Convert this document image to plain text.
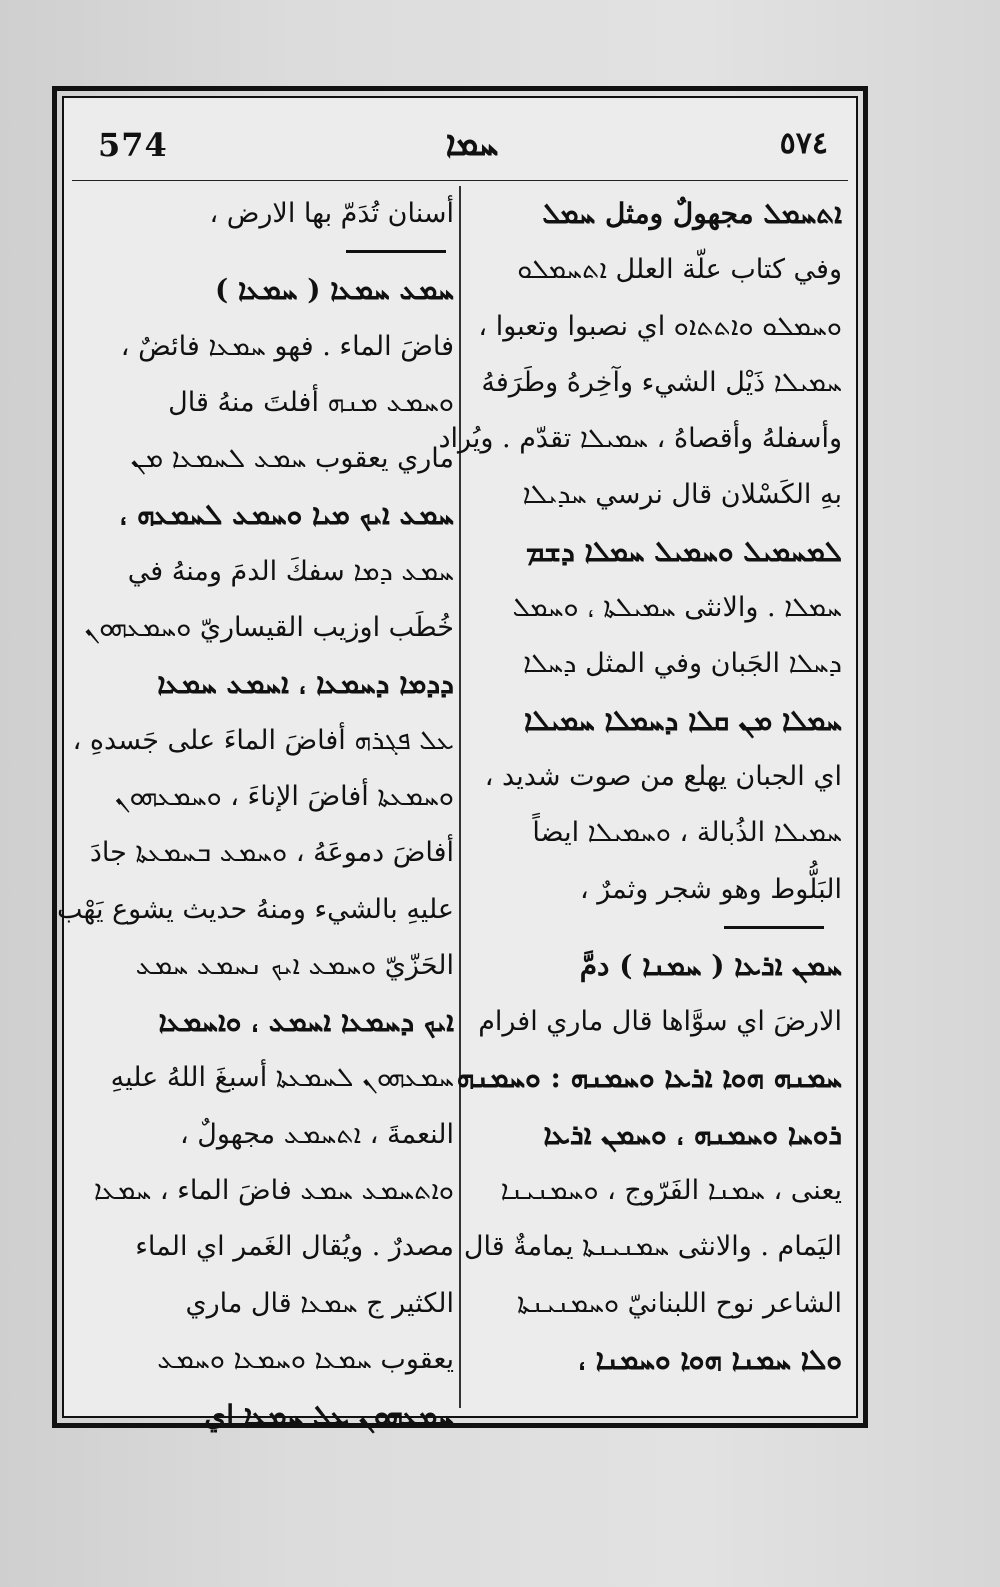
574	ܚܡܐ	٥٧٤
ܐܬܚܡܠ مجهولٌ ومثل ܚܡܠ
وفي كتاب علّة العلل ܐܬܚܡܠܘ
ܘܚܡܠܘ ܘܐܬܬܐܘ اي نصبوا وتعبوا ،
ܚܡܝܠܐ ذَيْل الشيء وآخِرهُ وطَرَفهُ
وأسفلهُ وأقصاهُ ، ܚܡܝܠܐ تقدّم . ويُراد
بهِ الكَسْلان قال نرسي ܚܕܝܠܐ
ܠܡܚܡܝܠ ܘܚܡܝܠ ܚܡܠܐ ܕܫܡ
ܚܡܠܐ . والانثى ܚܡܝܠܬܐ ، ܘܚܡܠ
ܕܚܠܐ الجَبان وفي المثل ܕܚܠܐ
ܚܡܠܐ ܡܢ ܩܠܐ ܕܚܡܠܐ ܚܡܝܠܐ
اي الجبان يهلع من صوت شديد ،
ܚܡܝܠܐ الذُبالة ، ܘܚܡܝܠܐ ايضاً
البَلُّوط وهو شجر وثمرٌ ،
ܚܡܢ ܐܪܥܐ ( ܚܡܢܐ ) دمَّ
الارضَ اي سوَّاها قال ماري افرام
ܚܡܢܗ ܗܘܐ ܐܪܥܐ ܘܚܡܢܗ : ܘܚܡܢܗ
ܪܘܚܐ ܘܚܡܢܗ ، ܘܚܡܢ ܐܪܥܐ
يعنى ، ܚܡܢܐ الفَرّوج ، ܘܚܡܢܝܢܐ
اليَمام . والانثى ܚܡܢܝܢܬܐ يمامةٌ قال
الشاعر نوح اللبنانيّ ܘܚܡܢܝܢܬܐ
ܘܠܐ ܚܡܢܐ ܗܘܐ ܘܚܡܢܐ ،
أسنان تُدَمّ بها الارض ،
ܚܡܥ ܚܡܥܐ ( ܚܡܥܐ )
فاضَ الماء . فهو ܚܡܥܐ فائضٌ ،
ܘܚܡܥ ܡܢܗ أفلتَ منهُ قال
ماري يعقوب ܚܡܥ ܠܚܡܥܐ ܡܢ
ܚܡܥ ܐܝܟ ܡܝܐ ܘܚܡܥ ܠܚܡܥܗ ،
ܚܡܥ ܕܡܐ سفكَ الدمَ ومنهُ في
خُطَب اوزيب القيساريّ ܘܚܡܥܗܘܢ
ܕܕܡܐ ܕܚܡܥܐ ، ܐܚܡܥ ܚܡܥܐ
ܥܠ ܦܓܪܗ أفاضَ الماءَ على جَسدهِ ،
ܘܚܡܥܬܐ أفاضَ الإناءَ ، ܘܚܡܥܗܘܢ
أفاضَ دموعَهُ ، ܘܚܡܥ ܒܚܡܥܬܐ جادَ
عليهِ بالشيء ومنهُ حديث يشوع يَهْب
الحَزّيّ ܘܚܡܥ ܐܝܟ ܢܚܡܥ ܚܡܥ
ܐܝܟ ܕܚܡܥܐ ܐܚܡܥ ، ܘܐܚܡܥܐ
ܚܡܥܗܘܢ ܠܚܡܥܬܐ أسبغَ اللهُ عليهِ
النعمةَ ، ܐܬܚܡܥ مجهولٌ ،
ܘܐܬܚܡܥ ܚܡܥ فاضَ الماء ، ܚܡܥܐ
مصدرٌ . ويُقال الغَمر اي الماء
الكثير ج ܚܡܥܐ قال ماري
يعقوب ܚܡܥܐ ܘܚܡܥܐ ܘܚܡܥ
ܚܡܥܗܘܢ ܥܠ ܚܡܥܐ اي
